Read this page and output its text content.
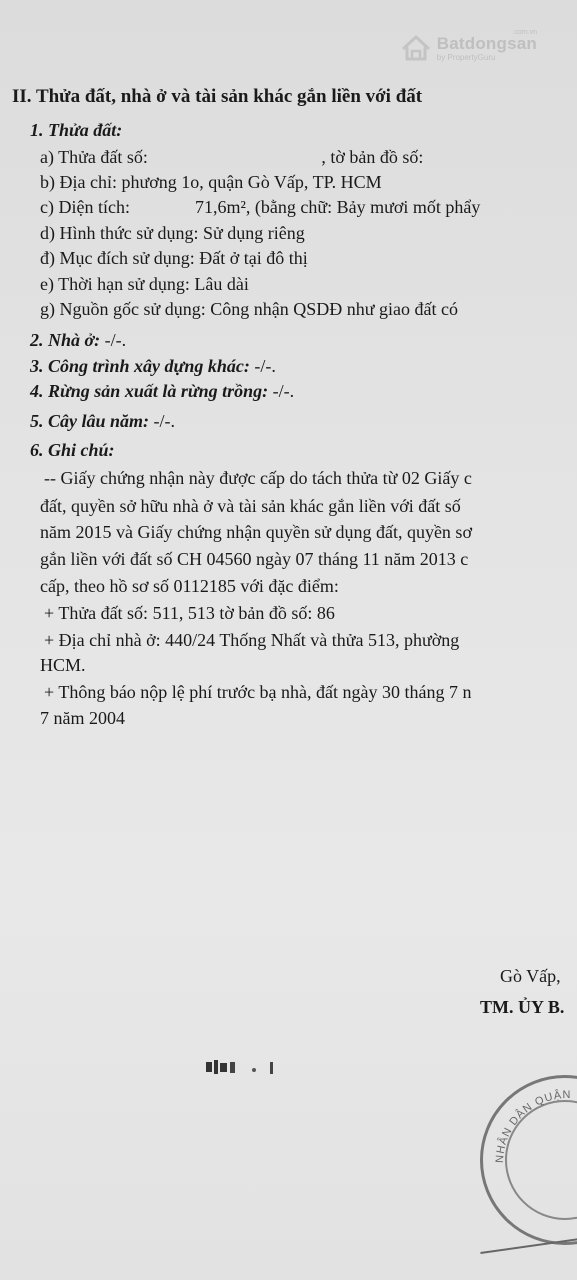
.com.vn
Batdongsan
by PropertyGuru
II. Thửa đất, nhà ở và tài sản khác gắn liền với đất
1. Thửa đất:
a) Thửa đất số:	, tờ bản đồ số:
b) Địa chỉ: phương 1o, quận Gò Vấp, TP. HCM
c) Diện tích:	71,6m², (bằng chữ: Bảy mươi mốt phẩy
d) Hình thức sử dụng: Sử dụng riêng
đ) Mục đích sử dụng: Đất ở tại đô thị
e) Thời hạn sử dụng: Lâu dài
g) Nguồn gốc sử dụng: Công nhận QSDĐ như giao đất có
2. Nhà ở: -/-.
3. Công trình xây dựng khác: -/-.
4. Rừng sản xuất là rừng trồng: -/-.
5. Cây lâu năm: -/-.
6. Ghi chú:
-- Giấy chứng nhận này được cấp do tách thửa từ 02 Giấy c
đất, quyền sở hữu nhà ở và tài sản khác gắn liền với đất số
năm 2015 và Giấy chứng nhận quyền sử dụng đất, quyền sơ
gắn liền với đất số CH 04560 ngày 07 tháng 11 năm 2013 c
cấp, theo hồ sơ số 0112185 với đặc điểm:
+ Thửa đất số: 511, 513 tờ bản đồ số: 86
+ Địa chỉ nhà ở: 440/24 Thống Nhất và thửa 513, phường
HCM.
+ Thông báo nộp lệ phí trước bạ nhà, đất ngày 30 tháng 7 n
7 năm 2004
Gò Vấp,
TM. ỦY B.
NHÂN DÂN QUẬN
